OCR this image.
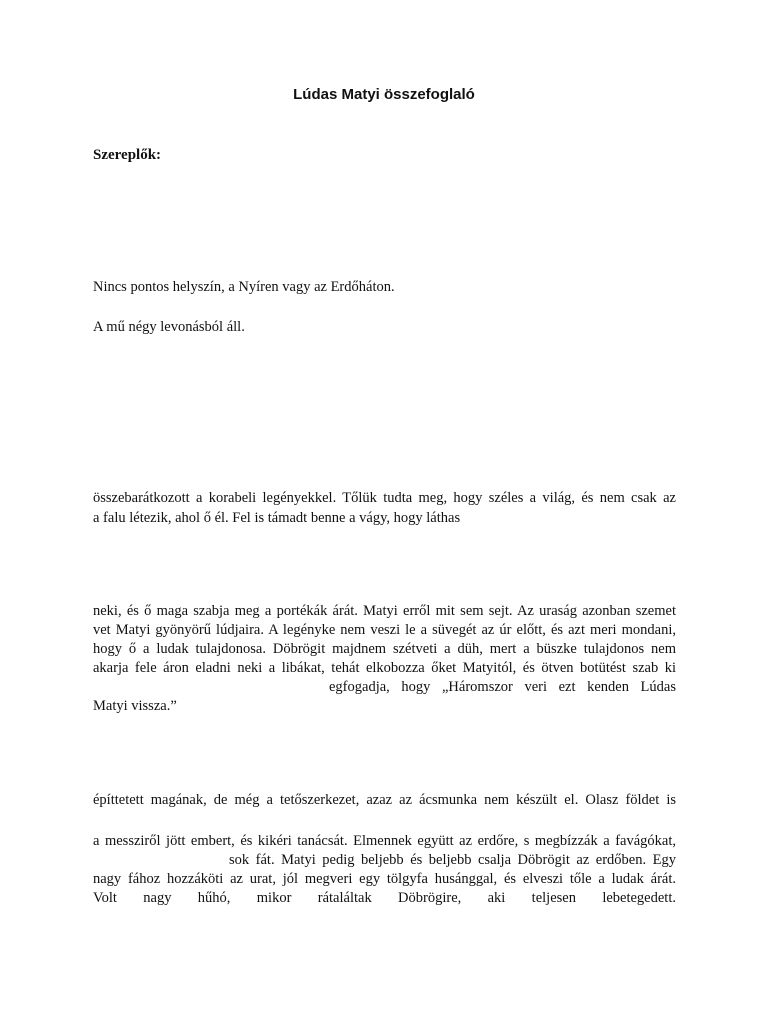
Lúdas Matyi összefoglaló
Szereplők:
Nincs pontos helyszín, a Nyíren vagy az Erdőháton.
A mű négy levonásból áll.
összebarátkozott a korabeli legényekkel. Tőlük tudta meg, hogy széles a világ, és nem csak az
a falu létezik, ahol ő él. Fel is támadt benne a vágy, hogy láthas
neki, és ő maga szabja meg a portékák árát. Matyi erről mit sem sejt. Az uraság azonban szemet
vet Matyi gyönyörű lúdjaira. A legényke nem veszi le a süvegét az úr előtt, és azt meri mondani,
hogy ő a ludak tulajdonosa. Döbrögit majdnem szétveti a düh, mert a büszke tulajdonos nem
akarja fele áron eladni neki a libákat, tehát elkobozza őket Matyitól, és ötven botütést szab ki
egfogadja, hogy „Háromszor veri ezt kenden Lúdas
Matyi vissza.”
építtetett magának, de még a tetőszerkezet, azaz az ácsmunka nem készült el. Olasz földet is
a messziről jött embert, és kikéri tanácsát. Elmennek együtt az erdőre, s megbízzák a favágókat,
sok fát. Matyi pedig beljebb és beljebb csalja Döbrögit az erdőben. Egy
nagy fához hozzáköti az urat, jól megveri egy tölgyfa husánggal, és elveszi tőle a ludak árát.
Volt nagy hűhó, mikor rátaláltak Döbrögire, aki teljesen lebetegedett.
